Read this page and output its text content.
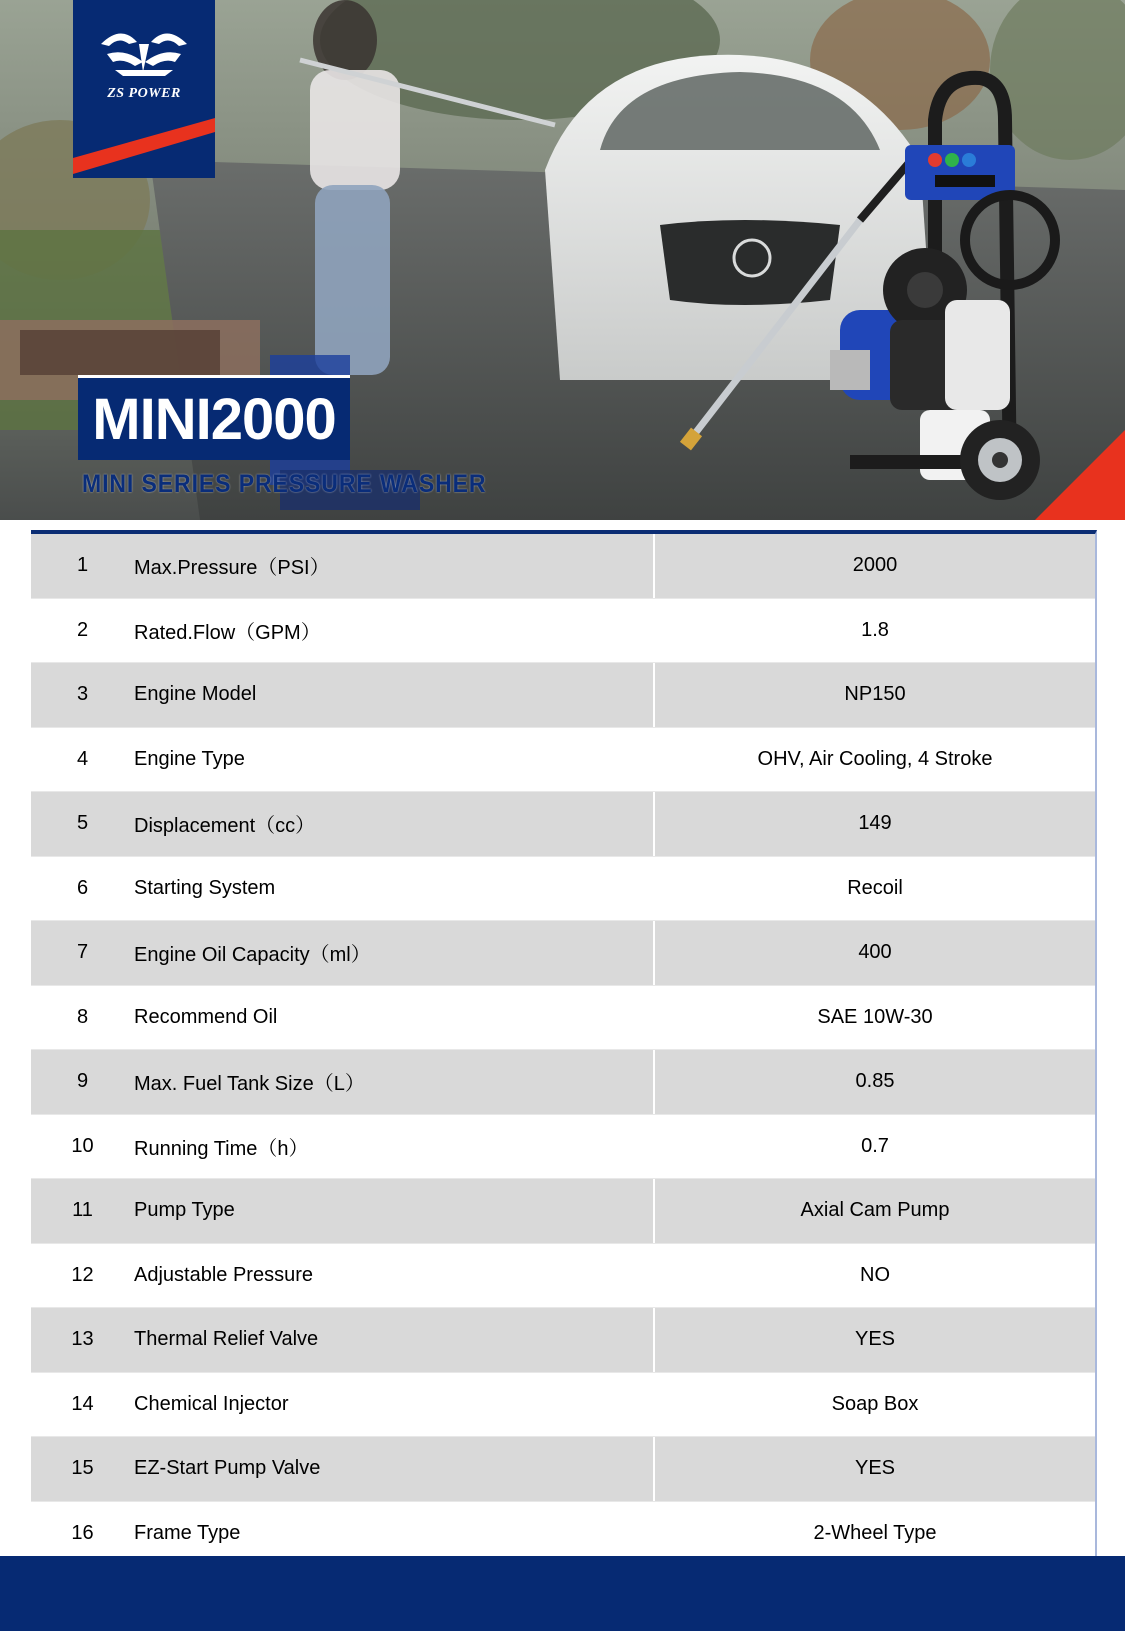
ZS POWER
MINI2000
MINI SERIES PRESSURE WASHER
1	Max.Pressure（PSI）	2000
2	Rated.Flow（GPM）	1.8
3	Engine Model	NP150
4	Engine Type	OHV, Air Cooling, 4 Stroke
5	Displacement（cc）	149
6	Starting System	Recoil
7	Engine Oil Capacity（ml）	400
8	Recommend Oil	SAE 10W-30
9	Max. Fuel Tank Size（L）	0.85
10	Running Time（h）	0.7
11	Pump Type	Axial Cam Pump
12	Adjustable Pressure	NO
13	Thermal Relief Valve	YES
14	Chemical Injector	Soap Box
15	EZ-Start Pump Valve	YES
16	Frame Type	2-Wheel Type
